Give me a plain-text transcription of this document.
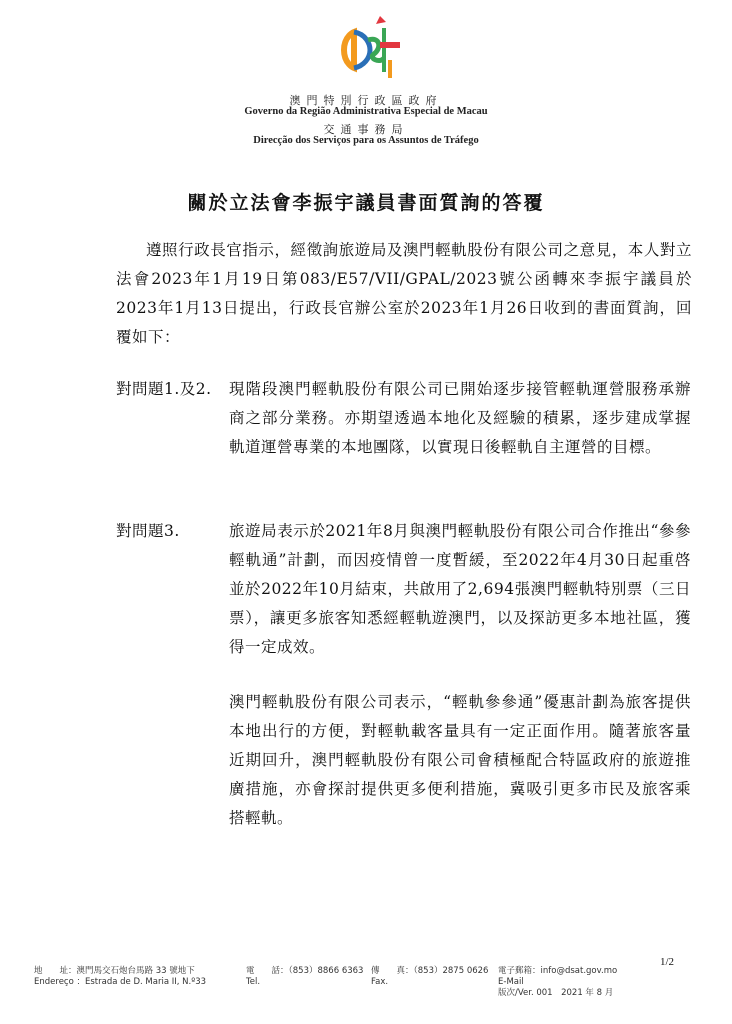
澳門特別行政區政府
Governo da Região Administrativa Especial de Macau
交通事務局
Direcção dos Serviços para os Assuntos de Tráfego
關於立法會李振宇議員書面質詢的答覆
遵照行政長官指示，經徵詢旅遊局及澳門輕軌股份有限公司之意見，本人對立法會2023年1月19日第083/E57/VII/GPAL/2023號公函轉來李振宇議員於2023年1月13日提出，行政長官辦公室於2023年1月26日收到的書面質詢，回覆如下：
對問題1.及2. 現階段澳門輕軌股份有限公司已開始逐步接管輕軌運營服務承辦商之部分業務。亦期望透過本地化及經驗的積累，逐步建成掌握軌道運營專業的本地團隊，以實現日後輕軌自主運營的目標。
對問題3.	旅遊局表示於2021年8月與澳門輕軌股份有限公司合作推出“參參輕軌通”計劃，而因疫情曾一度暫緩，至2022年4月30日起重啓並於2022年10月結束，共啟用了2,694張澳門輕軌特別票（三日票），讓更多旅客知悉經輕軌遊澳門，以及探訪更多本地社區，獲得一定成效。
澳門輕軌股份有限公司表示，“輕軌參參通”優惠計劃為旅客提供本地出行的方便，對輕軌載客量具有一定正面作用。隨著旅客量近期回升，澳門輕軌股份有限公司會積極配合特區政府的旅遊推廣措施，亦會探討提供更多便利措施，冀吸引更多市民及旅客乘搭輕軌。
1/2
地　　址：澳門馬交石炮台馬路 33 號地下
Endereço ：Estrada de D. Maria II, N.º33
電　　話：（853）8866 6363
Tel.
傳　　真：（853）2875 0626
Fax.
電子郵箱：info@dsat.gov.mo
E-Mail
版次/Ver. 001　2021 年 8 月
